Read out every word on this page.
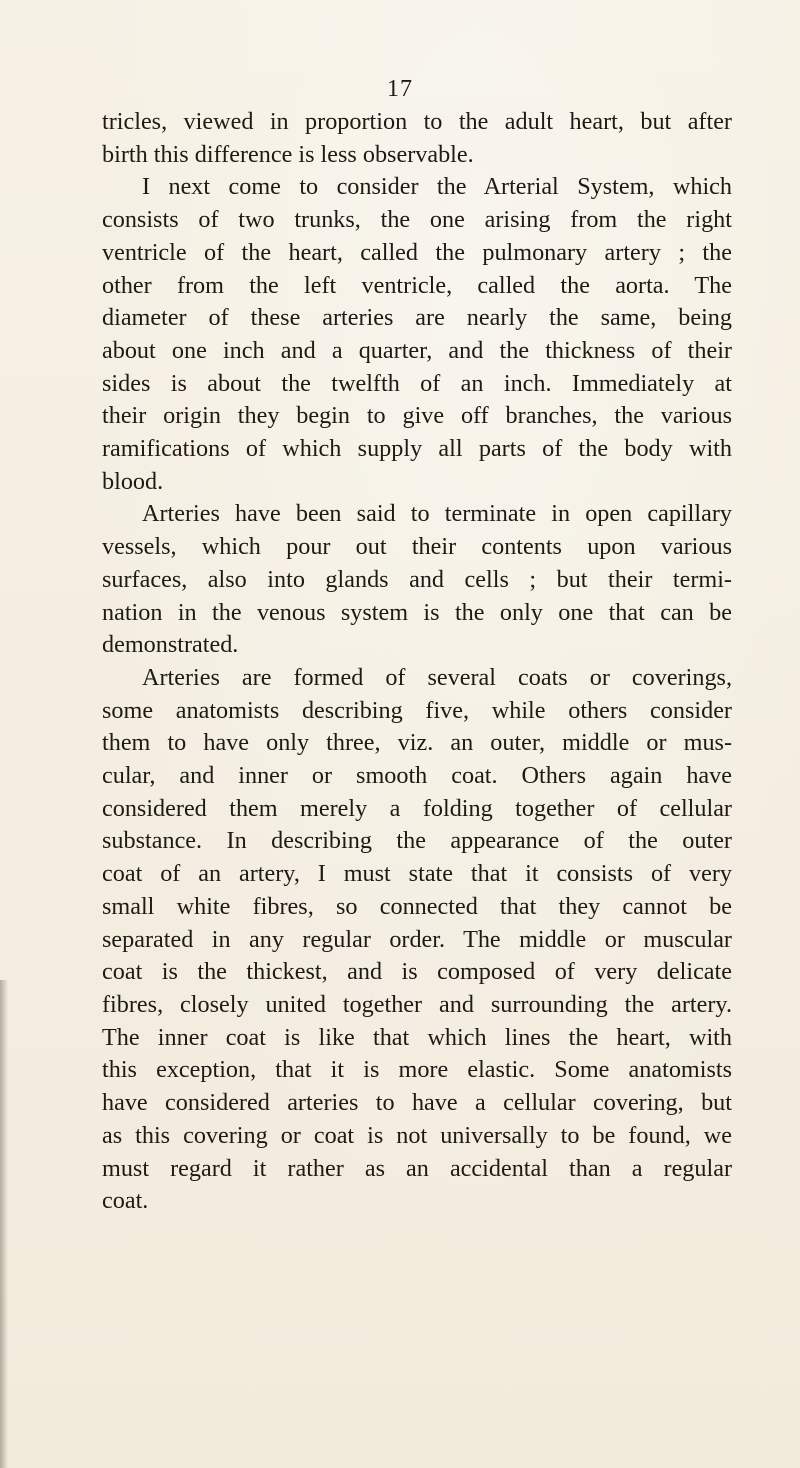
17
tricles, viewed in proportion to the adult heart, but after
birth this difference is less observable.
I next come to consider the Arterial System, which
consists of two trunks, the one arising from the right
ventricle of the heart, called the pulmonary artery ; the
other from the left ventricle, called the aorta. The
diameter of these arteries are nearly the same, being
about one inch and a quarter, and the thickness of their
sides is about the twelfth of an inch. Immediately at
their origin they begin to give off branches, the various
ramifications of which supply all parts of the body with
blood.
Arteries have been said to terminate in open capillary
vessels, which pour out their contents upon various
surfaces, also into glands and cells ; but their termi-
nation in the venous system is the only one that can be
demonstrated.
Arteries are formed of several coats or coverings,
some anatomists describing five, while others consider
them to have only three, viz. an outer, middle or mus-
cular, and inner or smooth coat. Others again have
considered them merely a folding together of cellular
substance. In describing the appearance of the outer
coat of an artery, I must state that it consists of very
small white fibres, so connected that they cannot be
separated in any regular order. The middle or muscular
coat is the thickest, and is composed of very delicate
fibres, closely united together and surrounding the artery.
The inner coat is like that which lines the heart, with
this exception, that it is more elastic. Some anatomists
have considered arteries to have a cellular covering, but
as this covering or coat is not universally to be found, we
must regard it rather as an accidental than a regular
coat.
